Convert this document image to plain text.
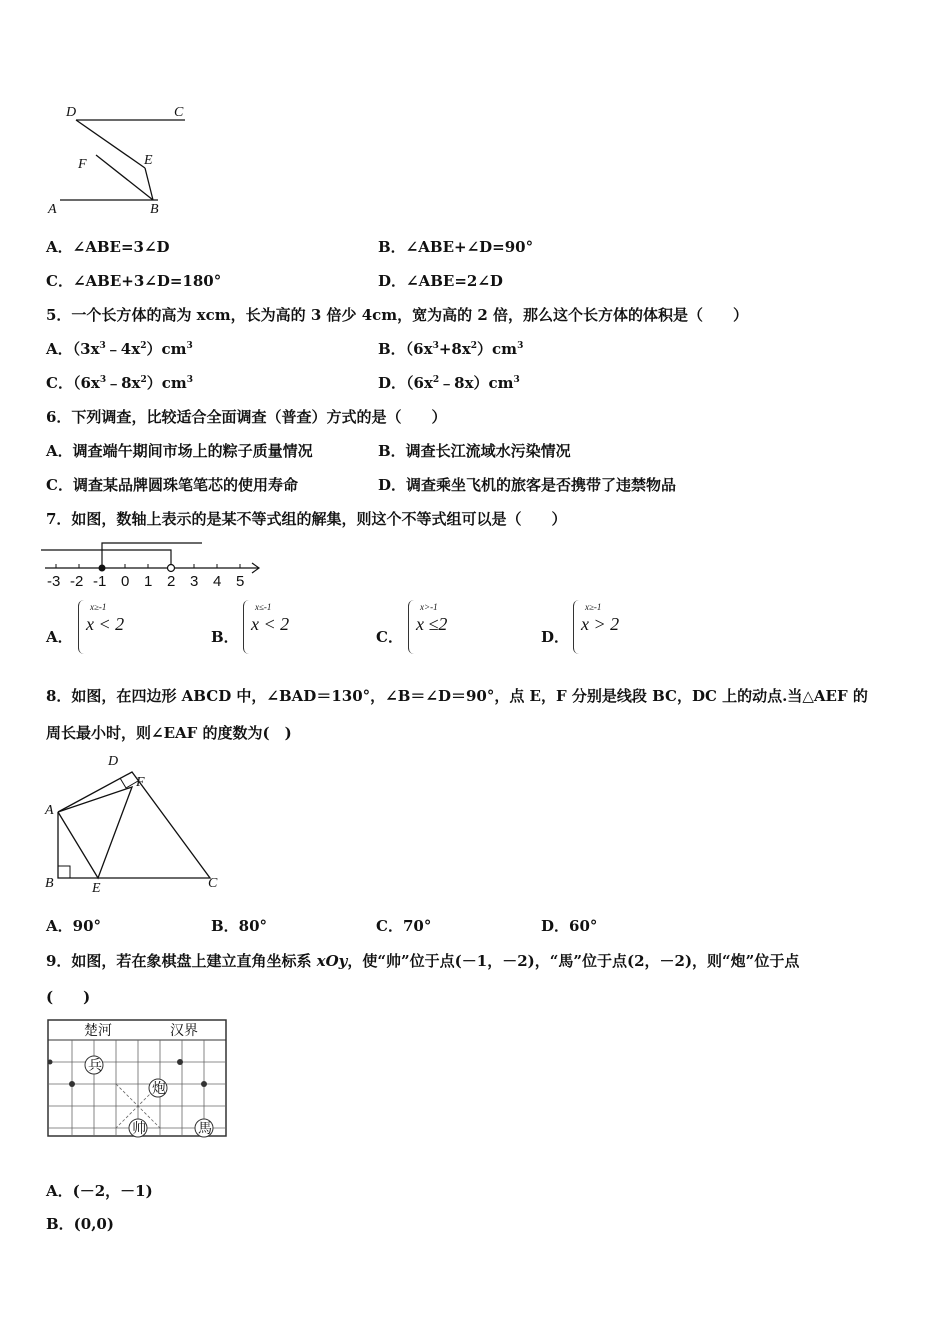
D	C
F	E
A	B
A．∠ABE=3∠D	B．∠ABE+∠D=90°
C．∠ABE+3∠D=180°	D．∠ABE=2∠D
5．一个长方体的高为 xcm，长为高的 3 倍少 4cm，宽为高的 2 倍，那么这个长方体的体积是（　　）
A．$(3x^3﹣4x^2)cm^3$	B．$(6x^3+8x^2)cm^3$
C．$(6x^3﹣8x^2)cm^3$	D．$(6x^2﹣8x)cm^3$
6．下列调查，比较适合全面调查（普查）方式的是（　　）
A．调查端午期间市场上的粽子质量情况	B．调查长江流域水污染情况
C．调查某品牌圆珠笔笔芯的使用寿命	D．调查乘坐飞机的旅客是否携带了违禁物品
7．如图，数轴上表示的是某不等式组的解集，则这个不等式组可以是（　　）
-3 -2 -1 0 1 2 3 4 5
A．
x≥-1
x < 2
B．
x≤-1
x < 2
C．
x>-1
x ≤2
D．
x≥-1
x > 2
8．如图，在四边形 ABCD 中，∠BAD＝130°，∠B＝∠D＝90°，点 E，F 分别是线段 BC，DC 上的动点.当△AEF 的
周长最小时，则∠EAF 的度数为(　)
D
F
A
B	E	C
A．90°	B．80°	C．70°	D．60°
9．如图，若在象棋盘上建立直角坐标系 xOy，使“帅”位于点(－1，－2)，“馬”位于点(2，－2)，则“炮”位于点
(　　)
楚河	汉界
兵
炮
帅	馬
A．(－2，－1)
B．(0,0)
